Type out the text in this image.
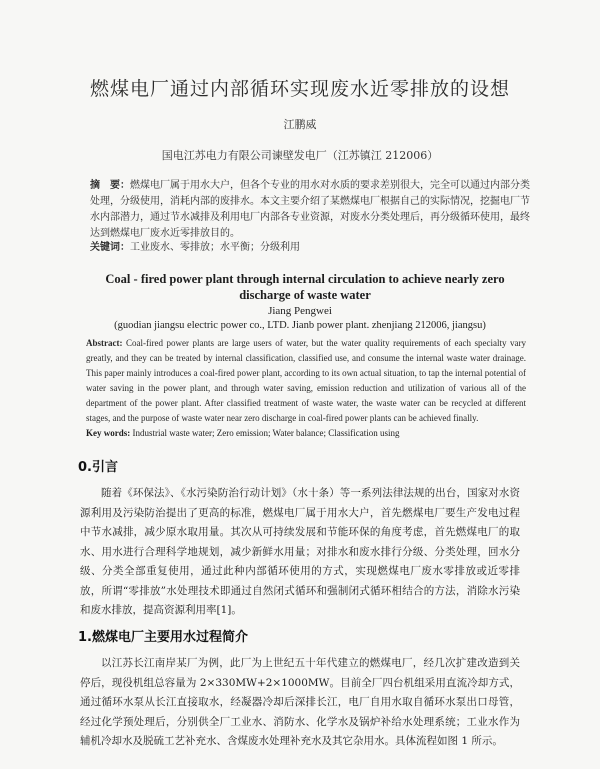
燃煤电厂通过内部循环实现废水近零排放的设想
江鹏威
国电江苏电力有限公司谏壁发电厂（江苏镇江 212006）
摘　要：燃煤电厂属于用水大户，但各个专业的用水对水质的要求差别很大，完全可以通过内部分类处理，分级使用，消耗内部的废排水。本文主要介绍了某燃煤电厂根据自己的实际情况，挖掘电厂节水内部潜力，通过节水减排及利用电厂内部各专业资源，对废水分类处理后，再分级循环使用，最终达到燃煤电厂废水近零排放目的。
关键词：工业废水、零排放；水平衡；分级利用
Coal - fired power plant through internal circulation to achieve nearly zero discharge of waste water
Jiang Pengwei
(guodian jiangsu electric power co., LTD. Jianb power plant. zhenjiang 212006, jiangsu)
Abstract: Coal-fired power plants are large users of water, but the water quality requirements of each specialty vary greatly, and they can be treated by internal classification, classified use, and consume the internal waste water drainage. This paper mainly introduces a coal-fired power plant, according to its own actual situation, to tap the internal potential of water saving in the power plant, and through water saving, emission reduction and utilization of various all of the department of the power plant. After classified treatment of waste water, the waste water can be recycled at different stages, and the purpose of waste water near zero discharge in coal-fired power plants can be achieved finally.
Key words: Industrial waste water; Zero emission; Water balance; Classification using
0.引言
随着《环保法》、《水污染防治行动计划》（水十条）等一系列法律法规的出台，国家对水资源利用及污染防治提出了更高的标准，燃煤电厂属于用水大户，首先燃煤电厂要生产发电过程中节水减排，减少原水取用量。其次从可持续发展和节能环保的角度考虑，首先燃煤电厂的取水、用水进行合理科学地规划，减少新鲜水用量；对排水和废水排行分级、分类处理，回水分级、分类全部重复使用，通过此种内部循环使用的方式，实现燃煤电厂废水零排放或近零排放，所谓“零排放”水处理技术即通过自然闭式循环和强制闭式循环相结合的方法，消除水污染和废水排放，提高资源利用率[1]。
1.燃煤电厂主要用水过程简介
以江苏长江南岸某厂为例，此厂为上世纪五十年代建立的燃煤电厂，经几次扩建改造到关停后，现役机组总容量为 2×330MW+2×1000MW。目前全厂四台机组采用直流冷却方式，通过循环水泵从长江直接取水，经凝器冷却后深排长江，电厂自用水取自循环水泵出口母管，经过化学预处理后，分别供全厂工业水、消防水、化学水及锅炉补给水处理系统；工业水作为辅机冷却水及脱硫工艺补充水、含煤废水处理补充水及其它杂用水。具体流程如图 1 所示。
